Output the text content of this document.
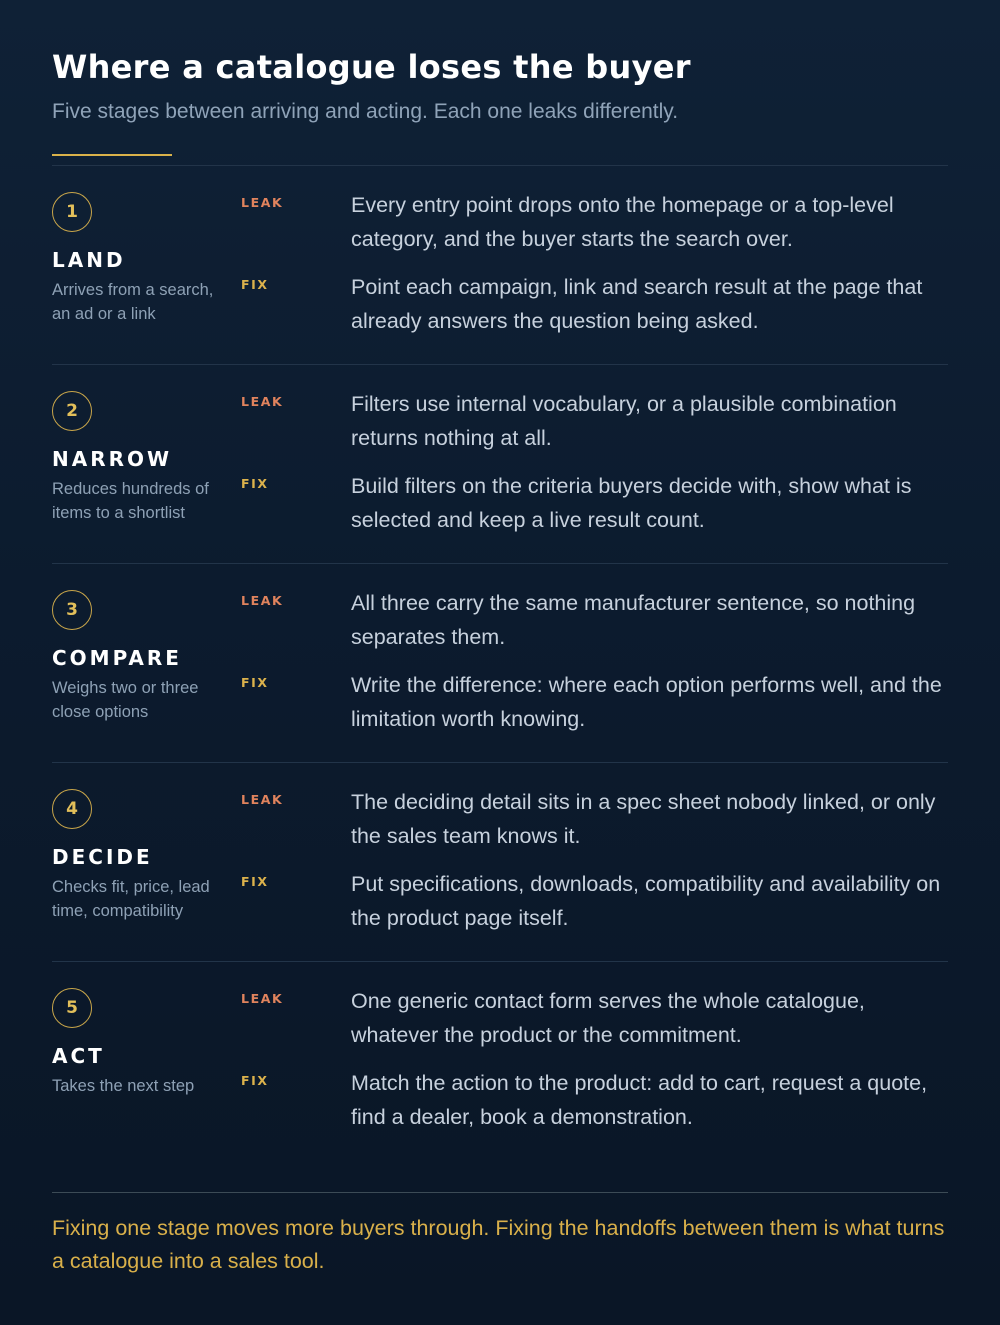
Where a catalogue loses the buyer

Five stages between arriving and acting. Each one leaks differently.

1
LAND
Arrives from a search, an ad or a link
LEAK	Every entry point drops onto the homepage or a top-level category, and the buyer starts the search over.
FIX	Point each campaign, link and search result at the page that already answers the question being asked.
2
NARROW
Reduces hundreds of items to a shortlist
LEAK	Filters use internal vocabulary, or a plausible combination returns nothing at all.
FIX	Build filters on the criteria buyers decide with, show what is selected and keep a live result count.
3
COMPARE
Weighs two or three close options
LEAK	All three carry the same manufacturer sentence, so nothing separates them.
FIX	Write the difference: where each option performs well, and the limitation worth knowing.
4
DECIDE
Checks fit, price, lead time, compatibility
LEAK	The deciding detail sits in a spec sheet nobody linked, or only the sales team knows it.
FIX	Put specifications, downloads, compatibility and availability on the product page itself.
5
ACT
Takes the next step
LEAK	One generic contact form serves the whole catalogue, whatever the product or the commitment.
FIX	Match the action to the product: add to cart, request a quote, find a dealer, book a demonstration.

Fixing one stage moves more buyers through. Fixing the handoffs between them is what turns a catalogue into a sales tool.
